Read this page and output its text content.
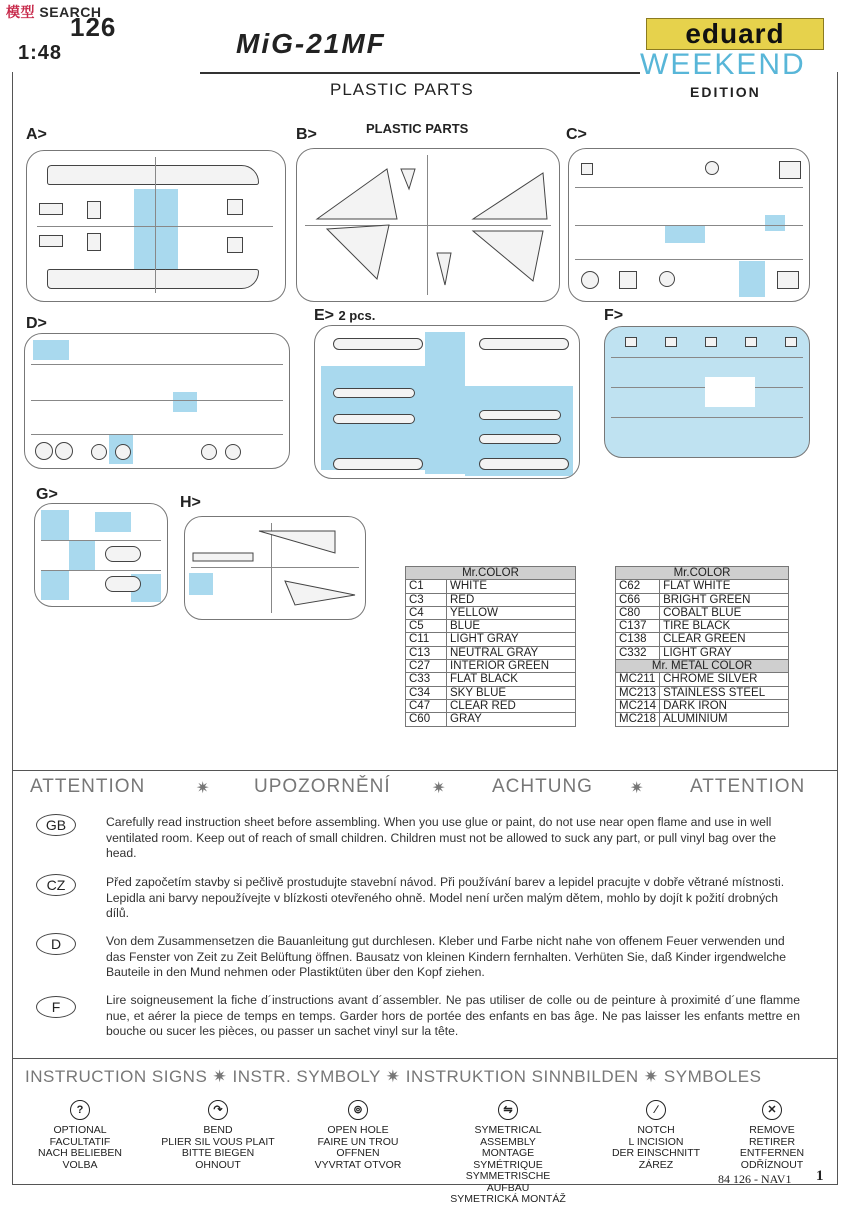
模型 SEARCH
126
1:48	MiG-21MF	eduard
WEEKEND
EDITION
PLASTIC PARTS
A>	B>	PLASTIC PARTS	C>
D>	E> 2 pcs.	F>
G>	H>
Mr.COLOR	
C1	WHITE
C3	RED
C4	YELLOW
C5	BLUE
C11	LIGHT GRAY
C13	NEUTRAL GRAY
C27	INTERIOR GREEN
C33	FLAT BLACK
C34	SKY BLUE
C47	CLEAR RED
C60	GRAY
Mr.COLOR	
C62	FLAT WHITE
C66	BRIGHT GREEN
C80	COBALT BLUE
C137	TIRE BLACK
C138	CLEAR GREEN
C332	LIGHT GRAY
Mr. METAL COLOR	
MC211	CHROME SILVER
MC213	STAINLESS STEEL
MC214	DARK IRON
MC218	ALUMINIUM
ATTENTION	✷ UPOZORNĚNÍ	✷ ACHTUNG ✷ ATTENTION
GB	Carefully read instruction sheet before assembling. When you use glue or paint, do not use near open flame and use in well ventilated room. Keep out of reach of small children. Children must not be allowed to suck any part, or pull vinyl bag over the head.
CZ	Před započetím stavby si pečlivě prostudujte stavební návod. Při používání barev a lepidel pracujte v dobře větrané místnosti. Lepidla ani barvy nepoužívejte v blízkosti otevřeného ohně. Model není určen malým dětem, mohlo by dojít k požití drobných dílů.
D	Von dem Zusammensetzen die Bauanleitung gut durchlesen. Kleber und Farbe nicht nahe von offenem Feuer verwenden und das Fenster von Zeit zu Zeit Belüftung öffnen. Bausatz von kleinen Kindern fernhalten. Verhüten Sie, daß Kinder irgendwelche Bauteile in den Mund nehmen oder Plastiktüten über den Kopf ziehen.
F	Lire soigneusement la fiche d´instructions avant d´assembler. Ne pas utiliser de colle ou de peinture à proximité d´une flamme nue, et aérer la piece de temps en temps. Garder hors de portée des enfants en bas âge. Ne pas laisser les enfants mettre en bouche ou sucer les pièces, ou passer un sachet vinyl sur la tête.
INSTRUCTION SIGNS ✷ INSTR. SYMBOLY ✷ INSTRUKTION SINNBILDEN ✷ SYMBOLES
?
OPTIONAL
FACULTATIF
NACH BELIEBEN
VOLBA
↷
BEND
PLIER SIL VOUS PLAIT
BITTE BIEGEN
OHNOUT
⊚
OPEN HOLE
FAIRE UN TROU
OFFNEN
VYVRTAT OTVOR
⇋
SYMETRICAL ASSEMBLY
MONTAGE SYMÉTRIQUE
SYMMETRISCHE AUFBAU
SYMETRICKÁ MONTÁŽ
∕
NOTCH
L INCISION
DER EINSCHNITT
ZÁREZ
✕
REMOVE
RETIRER
ENTFERNEN
ODŘÍZNOUT
84 126 - NAV1 1
